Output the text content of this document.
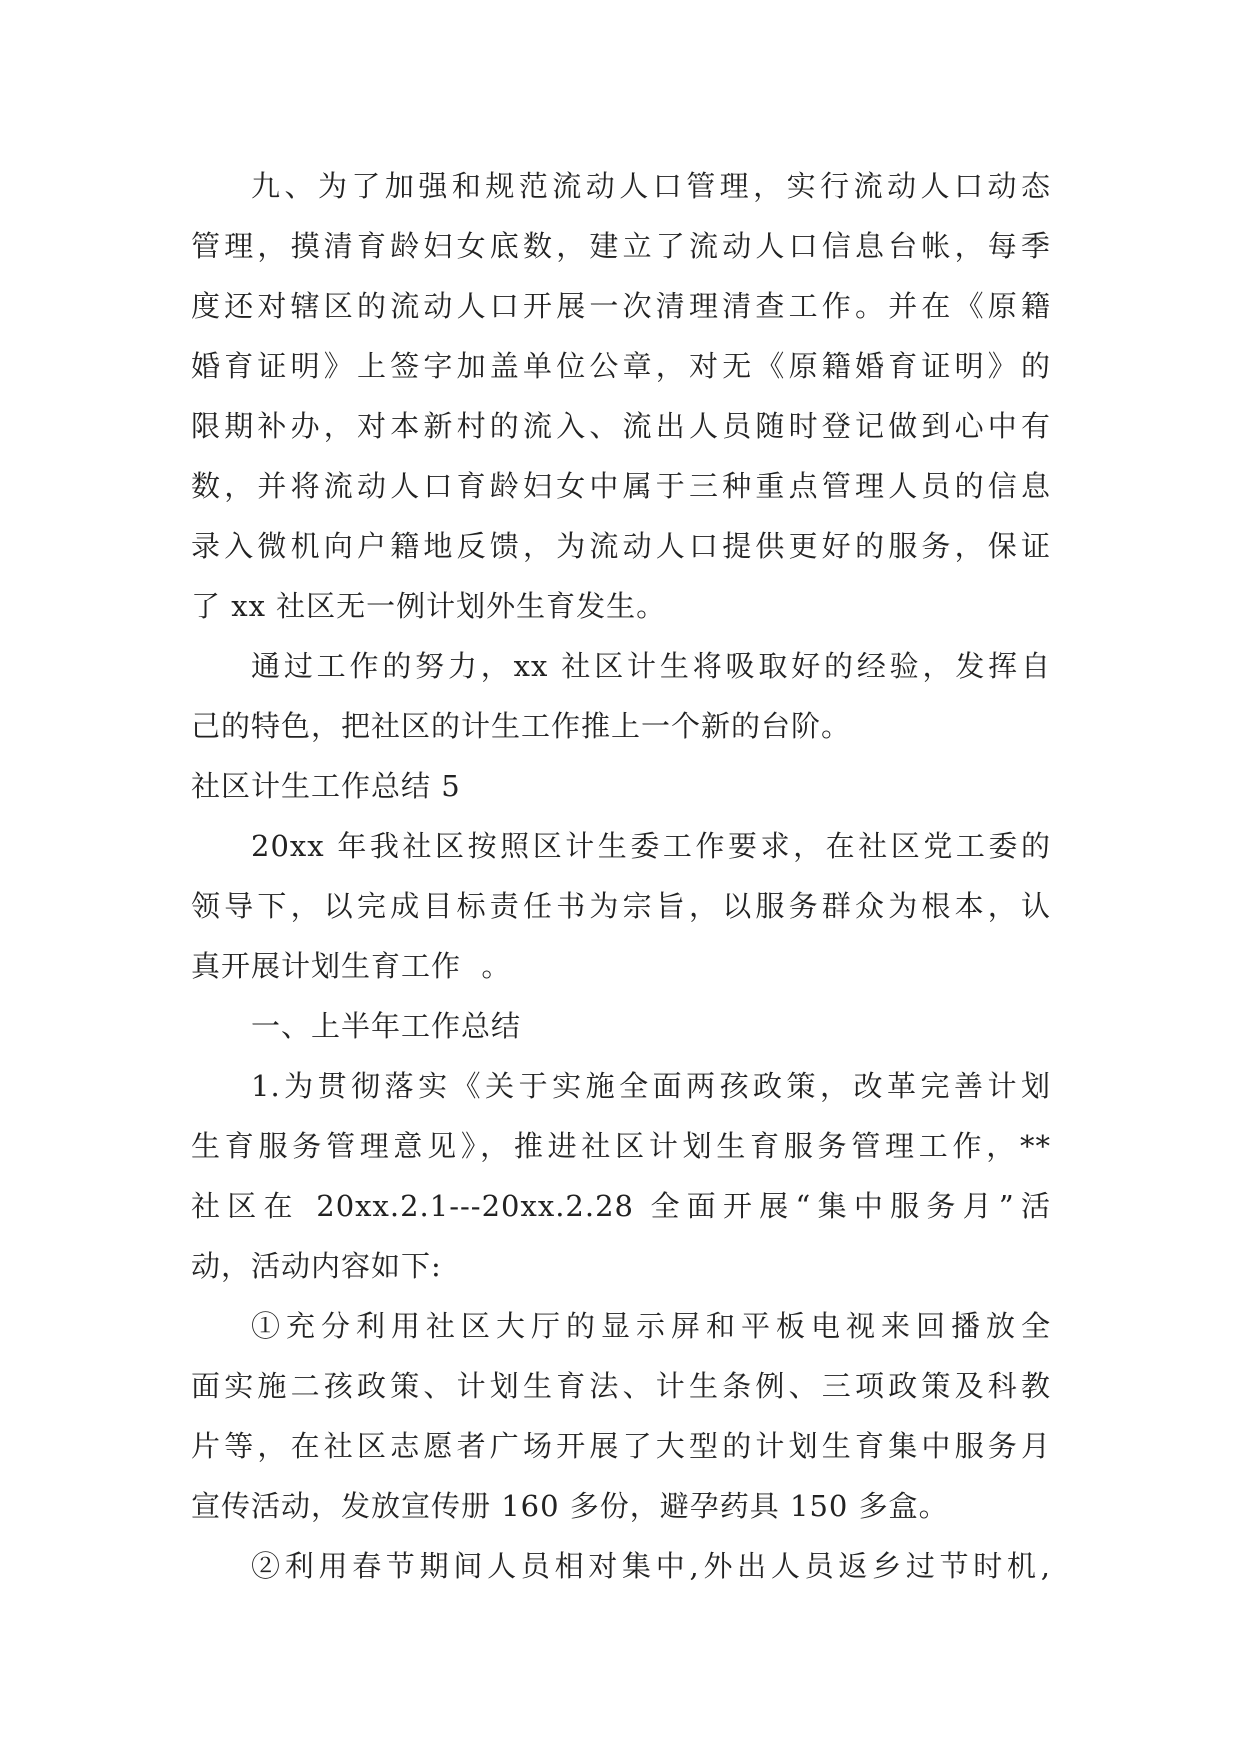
九、为了加强和规范流动人口管理，实行流动人口动态
管理，摸清育龄妇女底数，建立了流动人口信息台帐，每季
度还对辖区的流动人口开展一次清理清查工作。并在《原籍
婚育证明》上签字加盖单位公章，对无《原籍婚育证明》的
限期补办，对本新村的流入、流出人员随时登记做到心中有
数，并将流动人口育龄妇女中属于三种重点管理人员的信息
录入微机向户籍地反馈，为流动人口提供更好的服务，保证
了 xx 社区无一例计划外生育发生。
通过工作的努力，xx 社区计生将吸取好的经验，发挥自
己的特色，把社区的计生工作推上一个新的台阶。
社区计生工作总结 5
20xx 年我社区按照区计生委工作要求，在社区党工委的
领导下，以完成目标责任书为宗旨，以服务群众为根本，认
真开展计划生育工作  。
一、上半年工作总结
1.为贯彻落实《关于实施全面两孩政策，改革完善计划
生育服务管理意见》，推进社区计划生育服务管理工作，**
社区在 20xx.2.1---20xx.2.28 全面开展“集中服务月”活
动，活动内容如下:
①充分利用社区大厅的显示屏和平板电视来回播放全
面实施二孩政策、计划生育法、计生条例、三项政策及科教
片等，在社区志愿者广场开展了大型的计划生育集中服务月
宣传活动，发放宣传册 160 多份，避孕药具 150 多盒。
②利用春节期间人员相对集中,外出人员返乡过节时机,
